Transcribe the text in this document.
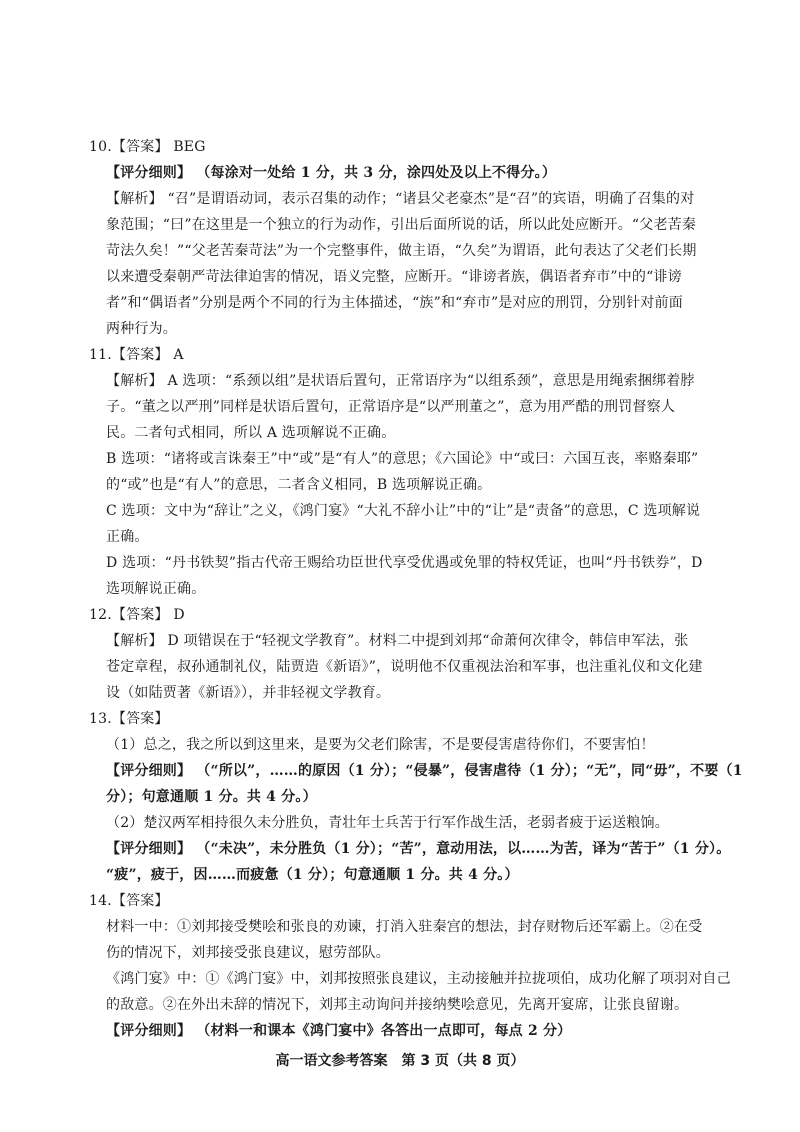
10.【答案】 BEG
【评分细则】 （每涂对一处给 1 分，共 3 分，涂四处及以上不得分。）
【解析】 “召”是谓语动词，表示召集的动作；“诸县父老豪杰”是“召”的宾语，明确了召集的对
象范围；“曰”在这里是一个独立的行为动作，引出后面所说的话，所以此处应断开。“父老苦秦
苛法久矣！”“父老苦秦苛法”为一个完整事件，做主语，“久矣”为谓语，此句表达了父老们长期
以来遭受秦朝严苛法律迫害的情况，语义完整，应断开。“诽谤者族，偶语者弃市”中的“诽谤
者”和“偶语者”分别是两个不同的行为主体描述，“族”和“弃市”是对应的刑罚，分别针对前面
两种行为。
11.【答案】 A
【解析】 A 选项：“系颈以组”是状语后置句，正常语序为“以组系颈”，意思是用绳索捆绑着脖
子。“董之以严刑”同样是状语后置句，正常语序是“以严刑董之”，意为用严酷的刑罚督察人
民。二者句式相同，所以 A 选项解说不正确。
B 选项：“诸将或言诛秦王”中“或”是“有人”的意思；《六国论》中“或曰：六国互丧，率赂秦耶”
的“或”也是“有人”的意思，二者含义相同，B 选项解说正确。
C 选项：文中为“辞让”之义，《鸿门宴》“大礼不辞小让”中的“让”是“责备”的意思，C 选项解说
正确。
D 选项：“丹书铁契”指古代帝王赐给功臣世代享受优遇或免罪的特权凭证，也叫“丹书铁券”，D
选项解说正确。
12.【答案】 D
【解析】 D 项错误在于“轻视文学教育”。材料二中提到刘邦“命萧何次律令，韩信申军法，张
苍定章程，叔孙通制礼仪，陆贾造《新语》”，说明他不仅重视法治和军事，也注重礼仪和文化建
设（如陆贾著《新语》），并非轻视文学教育。
13.【答案】
（1）总之，我之所以到这里来，是要为父老们除害，不是要侵害虐待你们，不要害怕！
【评分细则】 （“所以”，……的原因（1 分）；“侵暴”，侵害虐待（1 分）；“无”，同“毋”，不要（1
分）；句意通顺 1 分。共 4 分。）
（2）楚汉两军相持很久未分胜负，青壮年士兵苦于行军作战生活，老弱者疲于运送粮饷。
【评分细则】 （“未决”，未分胜负（1 分）；“苦”，意动用法，以……为苦，译为“苦于”（1 分）。
“疲”，疲于，因……而疲惫（1 分）；句意通顺 1 分。共 4 分。）
14.【答案】
材料一中：①刘邦接受樊哙和张良的劝谏，打消入驻秦宫的想法，封存财物后还军霸上。②在受
伤的情况下，刘邦接受张良建议，慰劳部队。
《鸿门宴》中：①《鸿门宴》中，刘邦按照张良建议，主动接触并拉拢项伯，成功化解了项羽对自己
的敌意。②在外出未辞的情况下，刘邦主动询问并接纳樊哙意见，先离开宴席，让张良留谢。
【评分细则】 （材料一和课本《鸿门宴中》各答出一点即可，每点 2 分）
高一语文参考答案　第 3 页（共 8 页）
